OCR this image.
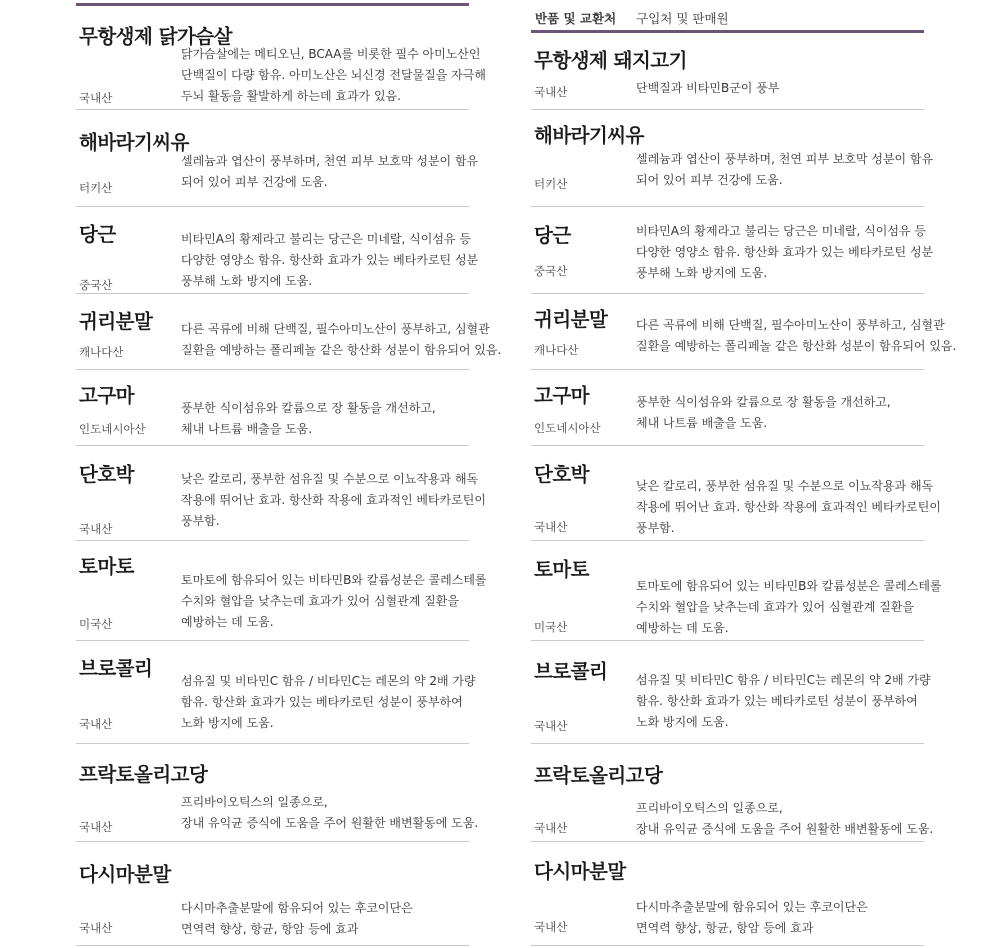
무항생제 닭가슴살
국내산
닭가슴살에는 메티오닌, BCAA를 비롯한 필수 아미노산인
단백질이 다량 함유. 아미노산은 뇌신경 전달물질을 자극해
두뇌 활동을 활발하게 하는데 효과가 있음.
해바라기씨유
터키산
셀레늄과 엽산이 풍부하며, 천연 피부 보호막 성분이 함유
되어 있어 피부 건강에 도움.
당근
중국산
비타민A의 황제라고 불리는 당근은 미네랄, 식이섬유 등
다양한 영양소 함유. 항산화 효과가 있는 베타카로틴 성분
풍부해 노화 방지에 도움.
귀리분말
캐나다산
다른 곡류에 비해 단백질, 필수아미노산이 풍부하고, 심혈관
질환을 예방하는 폴리페놀 같은 항산화 성분이 함유되어 있음.
고구마
인도네시아산
풍부한 식이섬유와 칼륨으로 장 활동을 개선하고,
체내 나트륨 배출을 도움.
단호박
국내산
낮은 칼로리, 풍부한 섬유질 및 수분으로 이뇨작용과 해독
작용에 뛰어난 효과. 항산화 작용에 효과적인 베타카로틴이
풍부함.
토마토
미국산
토마토에 함유되어 있는 비타민B와 칼륨성분은 콜레스테롤
수치와 혈압을 낮추는데 효과가 있어 심혈관계 질환을
예방하는 데 도움.
브로콜리
국내산
섬유질 및 비타민C 함유 / 비타민C는 레몬의 약 2배 가량
함유. 항산화 효과가 있는 베타카로틴 성분이 풍부하여
노화 방지에 도움.
프락토올리고당
국내산
프리바이오틱스의 일종으로,
장내 유익균 증식에 도움을 주어 원활한 배변활동에 도움.
다시마분말
국내산
다시마추출분말에 함유되어 있는 후코이단은
면역력 향상, 항균, 항암 등에 효과
반품 및 교환처 구입처 및 판매원
무항생제 돼지고기
국내산	단백질과 비타민B군이 풍부
해바라기씨유
터키산
셀레늄과 엽산이 풍부하며, 천연 피부 보호막 성분이 함유
되어 있어 피부 건강에 도움.
당근
중국산
비타민A의 황제라고 불리는 당근은 미네랄, 식이섬유 등
다양한 영양소 함유. 항산화 효과가 있는 베타카로틴 성분
풍부해 노화 방지에 도움.
귀리분말
캐나다산
다른 곡류에 비해 단백질, 필수아미노산이 풍부하고, 심혈관
질환을 예방하는 폴리페놀 같은 항산화 성분이 함유되어 있음.
고구마
인도네시아산
풍부한 식이섬유와 칼륨으로 장 활동을 개선하고,
체내 나트륨 배출을 도움.
단호박
국내산
낮은 칼로리, 풍부한 섬유질 및 수분으로 이뇨작용과 해독
작용에 뛰어난 효과. 항산화 작용에 효과적인 베타카로틴이
풍부함.
토마토
미국산
토마토에 함유되어 있는 비타민B와 칼륨성분은 콜레스테롤
수치와 혈압을 낮추는데 효과가 있어 심혈관계 질환을
예방하는 데 도움.
브로콜리
국내산
섬유질 및 비타민C 함유 / 비타민C는 레몬의 약 2배 가량
함유. 항산화 효과가 있는 베타카로틴 성분이 풍부하여
노화 방지에 도움.
프락토올리고당
국내산
프리바이오틱스의 일종으로,
장내 유익균 증식에 도움을 주어 원활한 배변활동에 도움.
다시마분말
국내산
다시마추출분말에 함유되어 있는 후코이단은
면역력 향상, 항균, 항암 등에 효과
